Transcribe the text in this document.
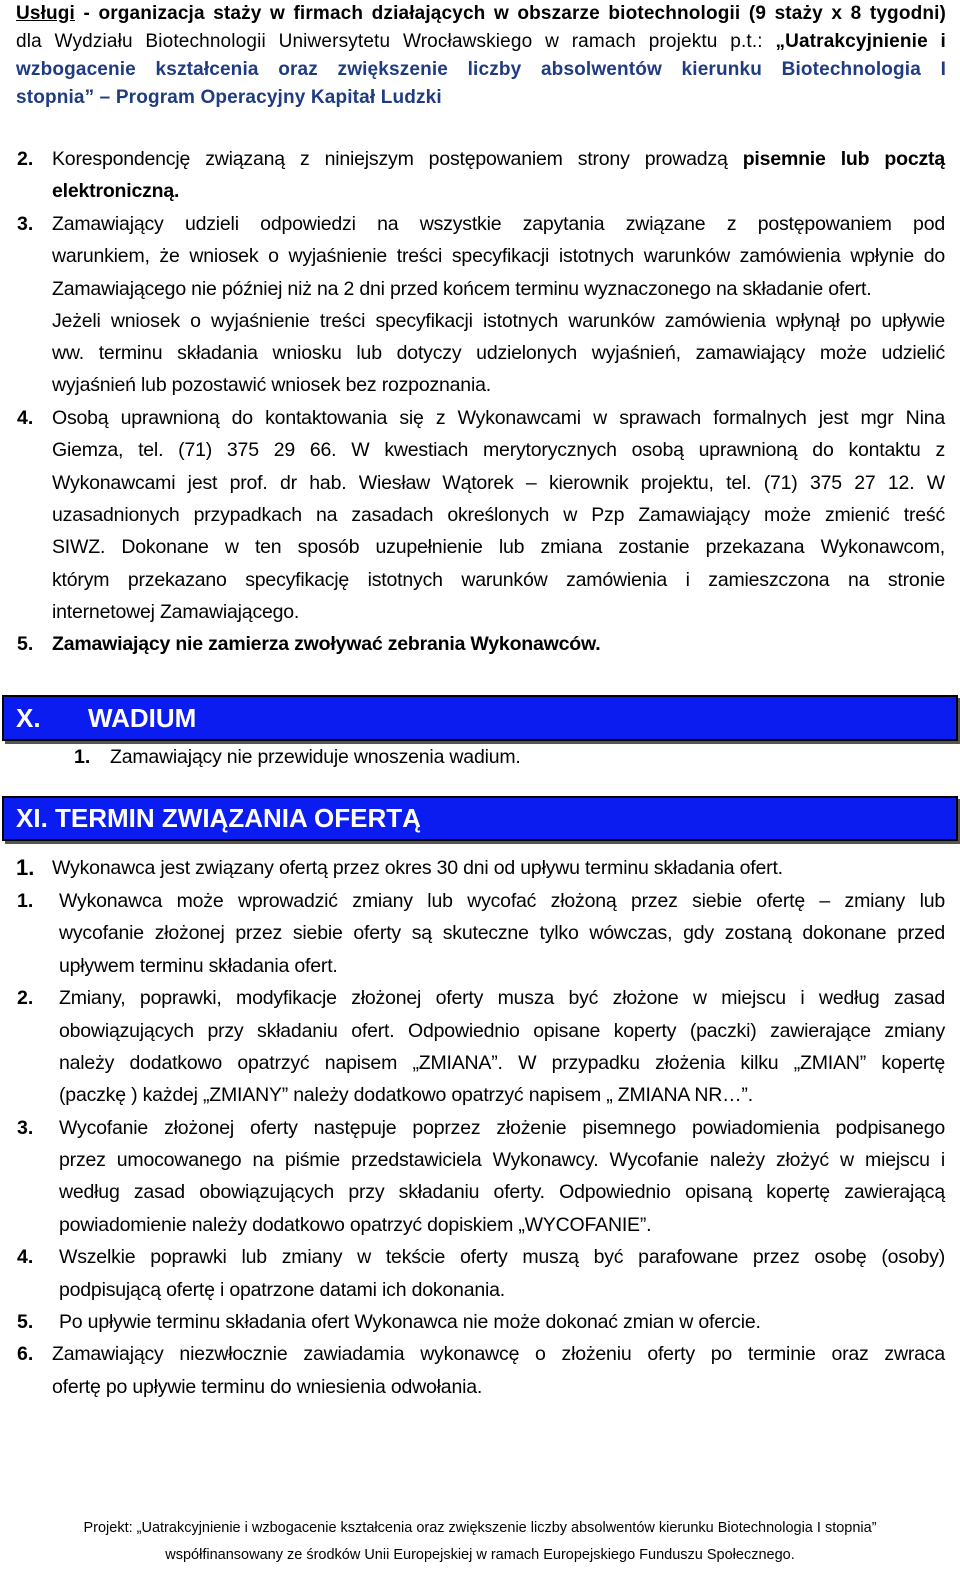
Usługi - organizacja staży w firmach działających w obszarze biotechnologii (9 staży x 8 tygodni)
dla Wydziału Biotechnologii Uniwersytetu Wrocławskiego w ramach projektu p.t.: „Uatrakcyjnienie i
wzbogacenie kształcenia oraz zwiększenie liczby absolwentów kierunku Biotechnologia I
stopnia” – Program Operacyjny Kapitał Ludzki
2. Korespondencję związaną z niniejszym postępowaniem strony prowadzą pisemnie lub pocztą
elektroniczną.
3. Zamawiający udzieli odpowiedzi na wszystkie zapytania związane z postępowaniem pod
warunkiem, że wniosek o wyjaśnienie treści specyfikacji istotnych warunków zamówienia wpłynie do
Zamawiającego nie później niż na 2 dni przed końcem terminu wyznaczonego na składanie ofert.
Jeżeli wniosek o wyjaśnienie treści specyfikacji istotnych warunków zamówienia wpłynął po upływie
ww. terminu składania wniosku lub dotyczy udzielonych wyjaśnień, zamawiający może udzielić
wyjaśnień lub pozostawić wniosek bez rozpoznania.
4. Osobą uprawnioną do kontaktowania się z Wykonawcami w sprawach formalnych jest mgr Nina
Giemza, tel. (71) 375 29 66. W kwestiach merytorycznych osobą uprawnioną do kontaktu z
Wykonawcami jest prof. dr hab. Wiesław Wątorek – kierownik projektu, tel. (71) 375 27 12. W
uzasadnionych przypadkach na zasadach określonych w Pzp Zamawiający może zmienić treść
SIWZ. Dokonane w ten sposób uzupełnienie lub zmiana zostanie przekazana Wykonawcom,
którym przekazano specyfikację istotnych warunków zamówienia i zamieszczona na stronie
internetowej Zamawiającego.
5. Zamawiający nie zamierza zwoływać zebrania Wykonawców.
X. WADIUM
1. Zamawiający nie przewiduje wnoszenia wadium.
XI. TERMIN ZWIĄZANIA OFERTĄ
1. Wykonawca jest związany ofertą przez okres 30 dni od upływu terminu składania ofert.
1. Wykonawca może wprowadzić zmiany lub wycofać złożoną przez siebie ofertę – zmiany lub
wycofanie złożonej przez siebie oferty są skuteczne tylko wówczas, gdy zostaną dokonane przed
upływem terminu składania ofert.
2. Zmiany, poprawki, modyfikacje złożonej oferty musza być złożone w miejscu i według zasad
obowiązujących przy składaniu ofert. Odpowiednio opisane koperty (paczki) zawierające zmiany
należy dodatkowo opatrzyć napisem „ZMIANA”. W przypadku złożenia kilku „ZMIAN” kopertę
(paczkę ) każdej „ZMIANY” należy dodatkowo opatrzyć napisem „ ZMIANA NR…”.
3. Wycofanie złożonej oferty następuje poprzez złożenie pisemnego powiadomienia podpisanego
przez umocowanego na piśmie przedstawiciela Wykonawcy. Wycofanie należy złożyć w miejscu i
według zasad obowiązujących przy składaniu oferty. Odpowiednio opisaną kopertę zawierającą
powiadomienie należy dodatkowo opatrzyć dopiskiem „WYCOFANIE”.
4. Wszelkie poprawki lub zmiany w tekście oferty muszą być parafowane przez osobę (osoby)
podpisującą ofertę i opatrzone datami ich dokonania.
5. Po upływie terminu składania ofert Wykonawca nie może dokonać zmian w ofercie.
6. Zamawiający niezwłocznie zawiadamia wykonawcę o złożeniu oferty po terminie oraz zwraca
ofertę po upływie terminu do wniesienia odwołania.
Projekt: „Uatrakcyjnienie i wzbogacenie kształcenia oraz zwiększenie liczby absolwentów kierunku Biotechnologia I stopnia”
współfinansowany ze środków Unii Europejskiej w ramach Europejskiego Funduszu Społecznego.
